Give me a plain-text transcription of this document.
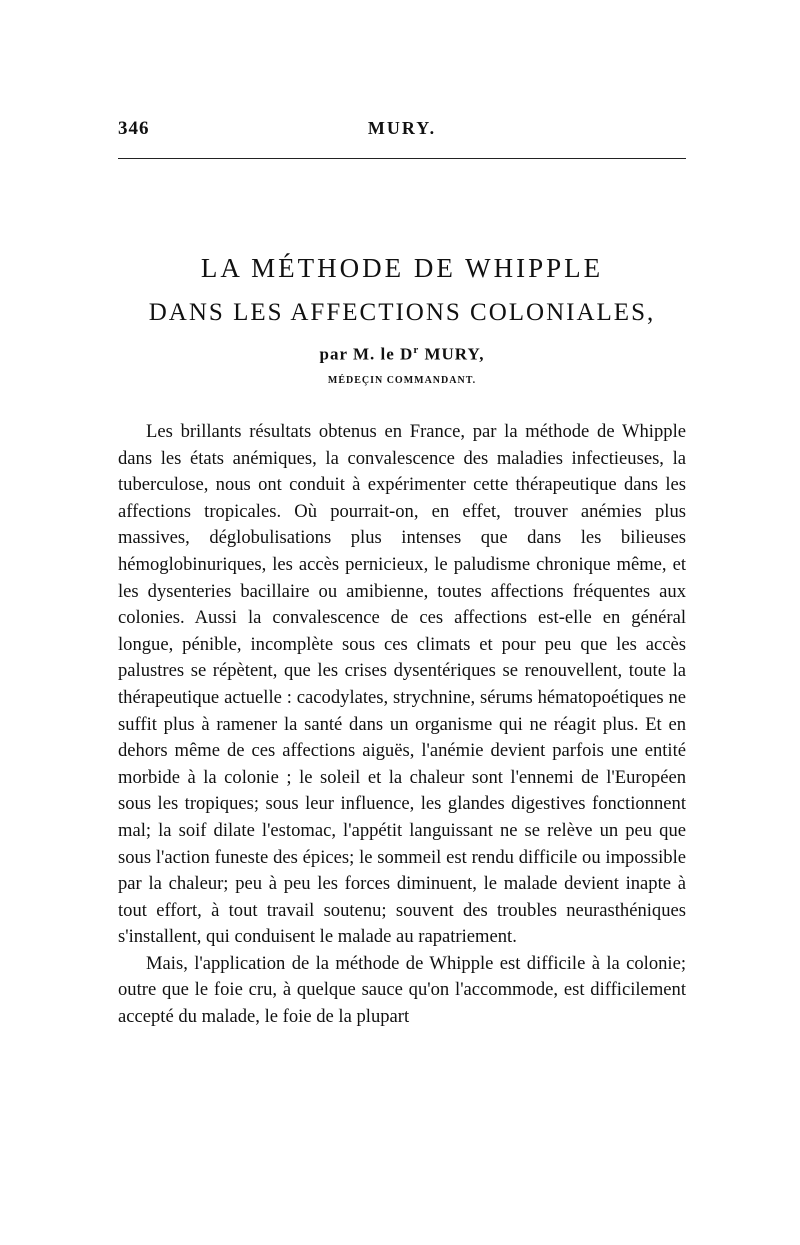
346	MURY.
LA MÉTHODE DE WHIPPLE
DANS LES AFFECTIONS COLONIALES,
par M. le $D^r$ MURY,
MÉDEÇIN COMMANDANT.

Les brillants résultats obtenus en France, par la méthode de Whipple dans les états anémiques, la convalescence des maladies infectieuses, la tuberculose, nous ont conduit à expérimenter cette thérapeutique dans les affections tropicales. Où pourrait-on, en effet, trouver anémies plus massives, déglobulisations plus intenses que dans les bilieuses hémoglobinuriques, les accès pernicieux, le paludisme chronique même, et les dysenteries bacillaire ou amibienne, toutes affections fréquentes aux colonies. Aussi la convalescence de ces affections est-elle en général longue, pénible, incomplète sous ces climats et pour peu que les accès palustres se répètent, que les crises dysentériques se renouvellent, toute la thérapeutique actuelle : cacodylates, strychnine, sérums hématopoétiques ne suffit plus à ramener la santé dans un organisme qui ne réagit plus. Et en dehors même de ces affections aiguës, l'anémie devient parfois une entité morbide à la colonie ; le soleil et la chaleur sont l'ennemi de l'Européen sous les tropiques; sous leur influence, les glandes digestives fonctionnent mal; la soif dilate l'estomac, l'appétit languissant ne se relève un peu que sous l'action funeste des épices; le sommeil est rendu difficile ou impossible par la chaleur; peu à peu les forces diminuent, le malade devient inapte à tout effort, à tout travail soutenu; souvent des troubles neurasthéniques s'installent, qui conduisent le malade au rapatriement.

Mais, l'application de la méthode de Whipple est difficile à la colonie; outre que le foie cru, à quelque sauce qu'on l'accommode, est difficilement accepté du malade, le foie de la plupart
